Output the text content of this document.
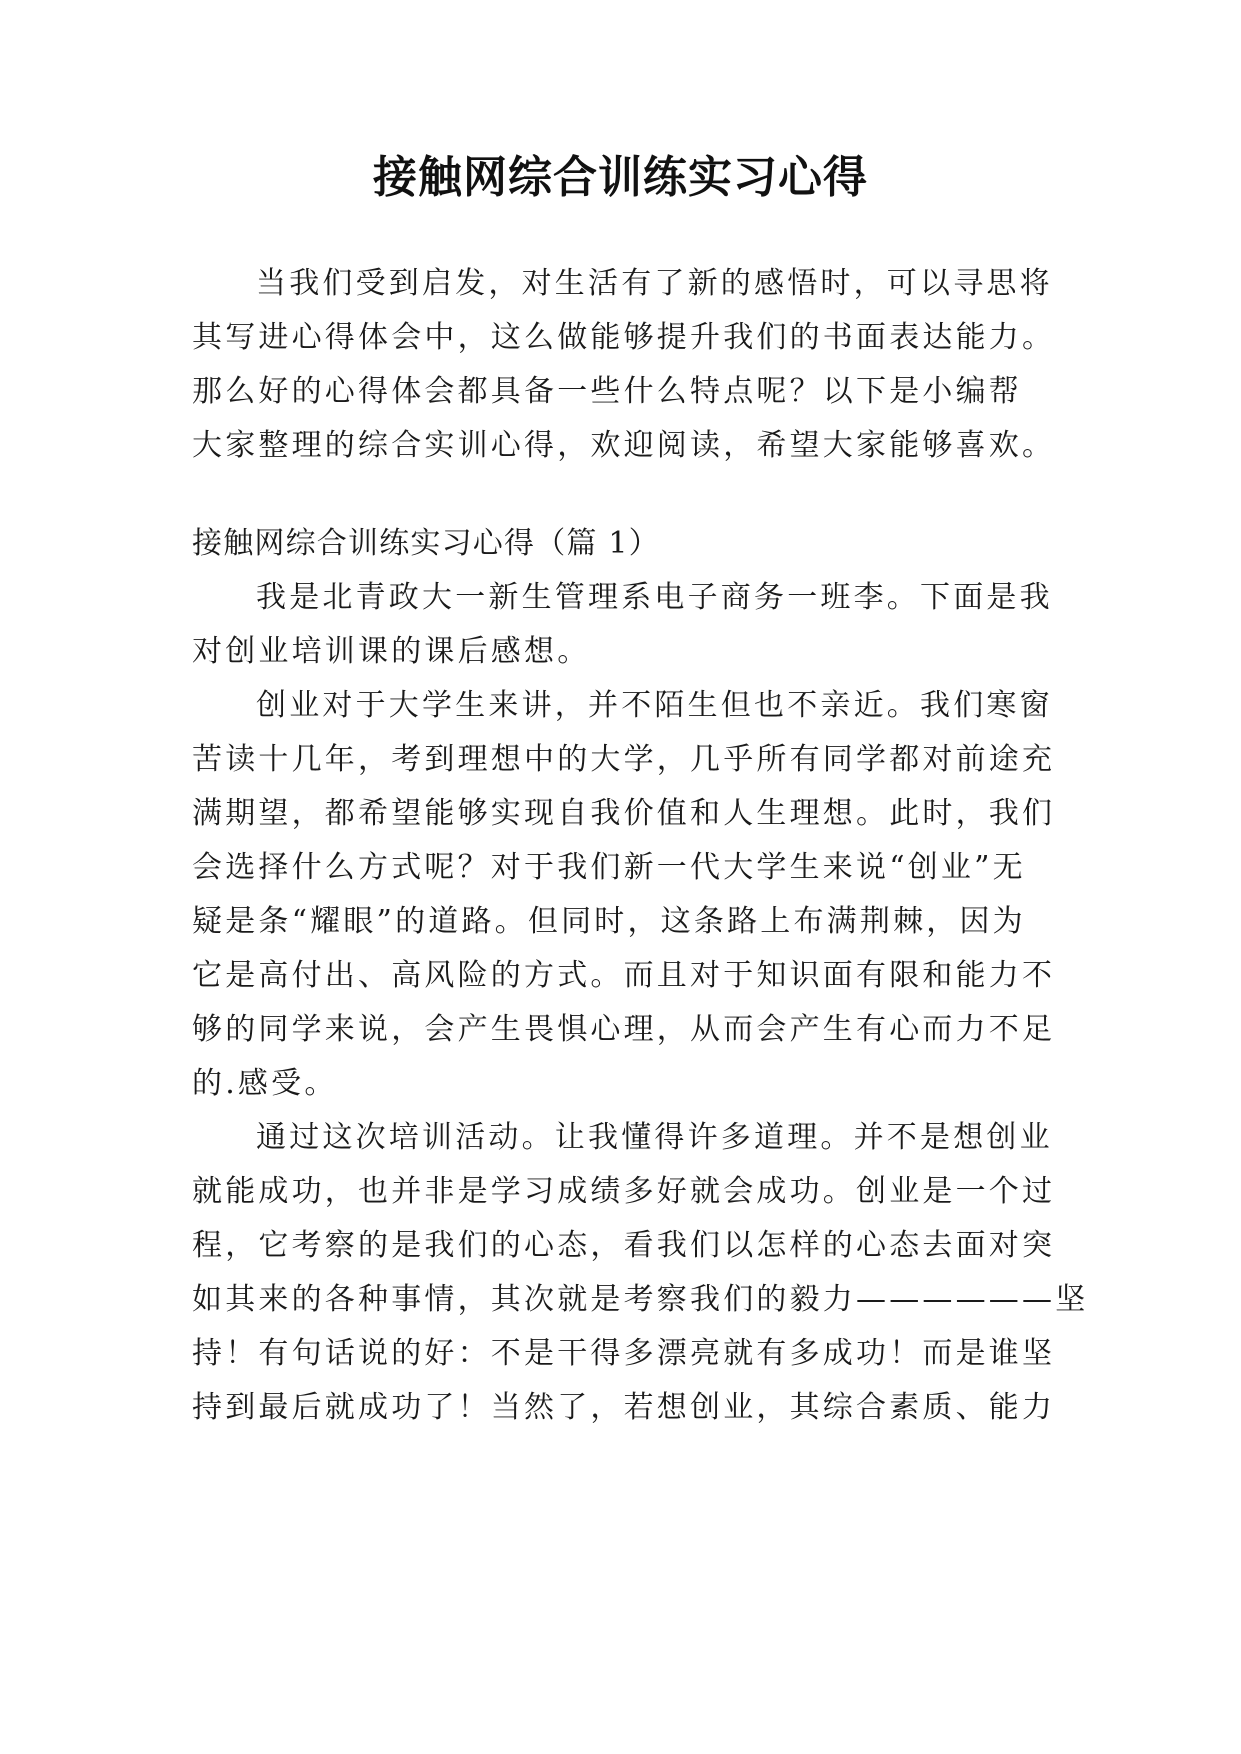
接触网综合训练实习心得
当我们受到启发，对生活有了新的感悟时，可以寻思将
其写进心得体会中，这么做能够提升我们的书面表达能力。
那么好的心得体会都具备一些什么特点呢？以下是小编帮
大家整理的综合实训心得，欢迎阅读，希望大家能够喜欢。
接触网综合训练实习心得（篇 1）
我是北青政大一新生管理系电子商务一班李。下面是我
对创业培训课的课后感想。
创业对于大学生来讲，并不陌生但也不亲近。我们寒窗
苦读十几年，考到理想中的大学，几乎所有同学都对前途充
满期望，都希望能够实现自我价值和人生理想。此时，我们
会选择什么方式呢？对于我们新一代大学生来说“创业”无
疑是条“耀眼”的道路。但同时，这条路上布满荆棘，因为
它是高付出、高风险的方式。而且对于知识面有限和能力不
够的同学来说，会产生畏惧心理，从而会产生有心而力不足
的.感受。
通过这次培训活动。让我懂得许多道理。并不是想创业
就能成功，也并非是学习成绩多好就会成功。创业是一个过
程，它考察的是我们的心态，看我们以怎样的心态去面对突
如其来的各种事情，其次就是考察我们的毅力——————坚
持！有句话说的好：不是干得多漂亮就有多成功！而是谁坚
持到最后就成功了！当然了，若想创业，其综合素质、能力
